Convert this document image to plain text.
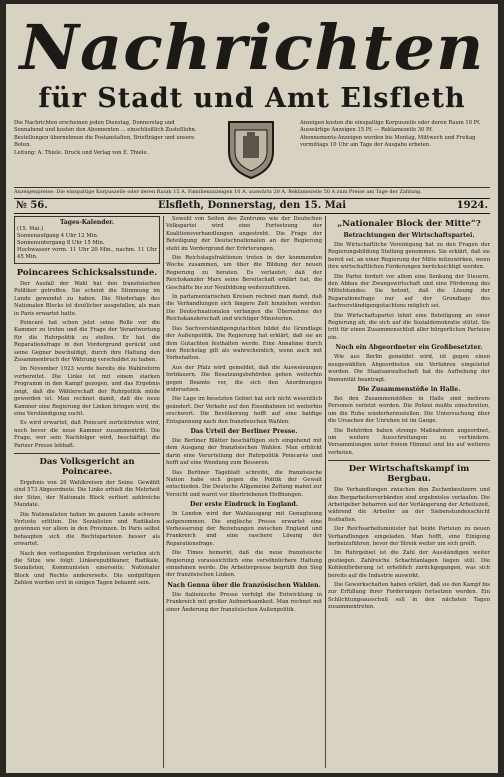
Nachrichten
für Stadt und Amt Elsfleth

Die Nachrichten erscheinen jeden Dienstag, Donnerstag und Sonnabend und kosten den Abonnenten ... einschließlich Zustelllohn.

Bestellungen übernehmen die Postanstalten, Briefträger und unsere Boten.

Leitung: A. Thiele. Druck und Verlag von E. Thiele.

Anzeigen kosten die einspaltige Korpuszeile oder deren Raum 10 Pf. Auswärtige Anzeigen 15 Pf. — Reklamezeile 30 Pf.

Abonnements-Anzeigen werden bis Montag, Mittwoch und Freitag vormittags 10 Uhr am Tage der Ausgabe erbeten.

Anzeigenpreise: Die einspaltige Korpuszeile oder deren Raum 15 A, Familienanzeigen 10 A, auswärts 20 A, Reklamezeile 50 A zum Preise am Tage der Zahlung.
№ 56.	Elsfleth, Donnerstag, den 15. Mai	1924.
Tages-Kalender.
(15. Mai.)
Sonnenaufgang 4 Uhr 12 Min.
Sonnenuntergang 8 Uhr 15 Min.
Hochwasser vorm. 11 Uhr 20 Min., nachm. 11 Uhr 45 Min.
Poincarees Schicksalsstunde.

Der Ausfall der Wahl hat den französischen Politiker getroffen. Sie scheint die Stimmung im Lande gewendet zu haben. Die Niederlage des Nationalen Blocks ist deutlicher ausgefallen, als man in Paris erwartet hatte.

Poincaré hat schon jetzt seine Rolle vor die Kammer zu treten und die Frage der Verantwortung für die Ruhrpolitik zu stellen. Er hat die Reparationsfrage in den Vordergrund gerückt und seine Gegner beschuldigt, durch ihre Haltung den Zusammenbruch der Währung verschuldet zu haben.

Im November 1923 wurde bereits die Wahlreform vorbereitet. Die Linke ist mit einem starken Programm in den Kampf gezogen, und das Ergebnis zeigt, daß die Wählerschaft der Ruhrpolitik müde geworden ist. Man rechnet damit, daß die neue Kammer eine Regierung der Linken bringen wird, die eine Verständigung sucht.

Es wird erwartet, daß Poincaré zurücktreten wird, noch bevor die neue Kammer zusammentritt. Die Frage, wer sein Nachfolger wird, beschäftigt die Pariser Presse lebhaft.

Das Volksgericht an Poincaree.

Ergebnis von 26 Wahlkreisen der Seine. Gewählt sind 573 Abgeordnete. Die Linke erhielt die Mehrheit der Sitze, der Nationale Block verliert zahlreiche Mandate.

Die Nationalisten haben im ganzen Lande schwere Verluste erlitten. Die Sozialisten und Radikalen gewinnen vor allem in den Provinzen. In Paris selbst behaupten sich die Rechtsparteien besser als erwartet.

Nach den vorliegenden Ergebnissen verteilen sich die Sitze wie folgt: Linksrepublikaner, Radikale, Sozialisten, Kommunisten einerseits; Nationaler Block und Rechte andererseits. Die endgültigen Zahlen werden erst in einigen Tagen bekannt sein.

Sowohl von Seiten des Zentrums wie der Deutschen Volkspartei wird eine Fortsetzung der Koalitionsverhandlungen angestrebt. Die Frage der Beteiligung der Deutschnationalen an der Regierung steht im Vordergrund der Erörterungen.

Die Reichstagsfraktionen treten in der kommenden Woche zusammen, um über die Bildung der neuen Regierung zu beraten. Es verlautet, daß der Reichskanzler Marx seine Bereitschaft erklärt hat, die Geschäfte bis zur Neubildung weiterzuführen.

In parlamentarischen Kreisen rechnet man damit, daß die Verhandlungen sich längere Zeit hinziehen werden. Die Deutschnationalen verlangen die Übernahme der Reichskanzlerschaft und wichtiger Ministerien.

Das Sachverständigengutachten bildet die Grundlage der Außenpolitik. Die Regierung hat erklärt, daß sie an dem Gutachten festhalten werde. Eine Annahme durch den Reichstag gilt als wahrscheinlich, wenn auch mit Vorbehalten.

Aus der Pfalz wird gemeldet, daß die Ausweisungen fortdauern. Die Besatzungsbehörden gehen weiterhin gegen Beamte vor, die sich den Anordnungen widersetzen.

Die Lage im besetzten Gebiet hat sich nicht wesentlich geändert. Der Verkehr auf den Eisenbahnen ist weiterhin erschwert. Die Bevölkerung hofft auf eine baldige Entspannung nach den französischen Wahlen.

Das Urteil der Berliner Presse.

Die Berliner Blätter beschäftigen sich eingehend mit dem Ausgang der französischen Wahlen. Man erblickt darin eine Verurteilung der Ruhrpolitik Poincarés und hofft auf eine Wendung zum Besseren.

Das Berliner Tageblatt schreibt, die französische Nation habe sich gegen die Politik der Gewalt entschieden. Die Deutsche Allgemeine Zeitung mahnt zur Vorsicht und warnt vor übertriebenen Hoffnungen.

Der erste Eindruck in England.

In London wird der Wahlausgang mit Genugtuung aufgenommen. Die englische Presse erwartet eine Verbesserung der Beziehungen zwischen England und Frankreich und eine raschere Lösung der Reparationsfrage.

Die Times bemerkt, daß die neue französische Regierung voraussichtlich eine versöhnlichere Haltung einnehmen werde. Die Arbeiterpresse begrüßt den Sieg der französischen Linken.

Nach Genua über die französischen Wahlen.

Die italienische Presse verfolgt die Entwicklung in Frankreich mit großer Aufmerksamkeit. Man rechnet mit einer Änderung der französischen Außenpolitik.

„Nationaler Block der Mitte“?
Betrachtungen der Wirtschaftspartei.

Die Wirtschaftliche Vereinigung hat zu den Fragen der Regierungsbildung Stellung genommen. Sie erklärt, daß sie bereit sei, an einer Regierung der Mitte mitzuwirken, wenn ihre wirtschaftlichen Forderungen berücksichtigt werden.

Die Partei fordert vor allem eine Senkung der Steuern, den Abbau der Zwangswirtschaft und eine Förderung des Mittelstandes. Sie betont, daß die Lösung der Reparationsfrage nur auf der Grundlage des Sachverständigengutachtens möglich sei.

Die Wirtschaftspartei lehnt eine Beteiligung an einer Regierung ab, die sich auf die Sozialdemokratie stützt. Sie tritt für einen Zusammenschluß aller bürgerlichen Parteien ein.

Noch ein Abgeordneter ein Großbesetzter.

Wie aus Berlin gemeldet wird, ist gegen einen neugewählten Abgeordneten ein Verfahren eingeleitet worden. Die Staatsanwaltschaft hat die Aufhebung der Immunität beantragt.

Die Zusammenstöße in Halle.

Bei den Zusammenstößen in Halle sind mehrere Personen verletzt worden. Die Polizei mußte einschreiten, um die Ruhe wiederherzustellen. Die Untersuchung über die Ursachen der Unruhen ist im Gange.

Die Behörden haben strenge Maßnahmen angeordnet, um weitere Ausschreitungen zu verhindern. Versammlungen unter freiem Himmel sind bis auf weiteres verboten.

Der Wirtschaftskampf im Bergbau.

Die Verhandlungen zwischen den Zechenbesitzern und den Bergarbeiterverbänden sind ergebnislos verlaufen. Die Arbeitgeber beharren auf der Verlängerung der Arbeitszeit, während die Arbeiter an der Siebenstundenschicht festhalten.

Der Reichsarbeitsminister hat beide Parteien zu neuen Verhandlungen eingeladen. Man hofft, eine Einigung herbeizuführen, bevor der Streik weiter um sich greift.

Im Ruhrgebiet ist die Zahl der Ausständigen weiter gestiegen. Zahlreiche Schachtanlagen liegen still. Die Kohlenförderung ist erheblich zurückgegangen, was sich bereits auf die Industrie auswirkt.

Die Gewerkschaften haben erklärt, daß sie den Kampf bis zur Erfüllung ihrer Forderungen fortsetzen werden. Ein Schlichtungsausschuß soll in den nächsten Tagen zusammentreten.
